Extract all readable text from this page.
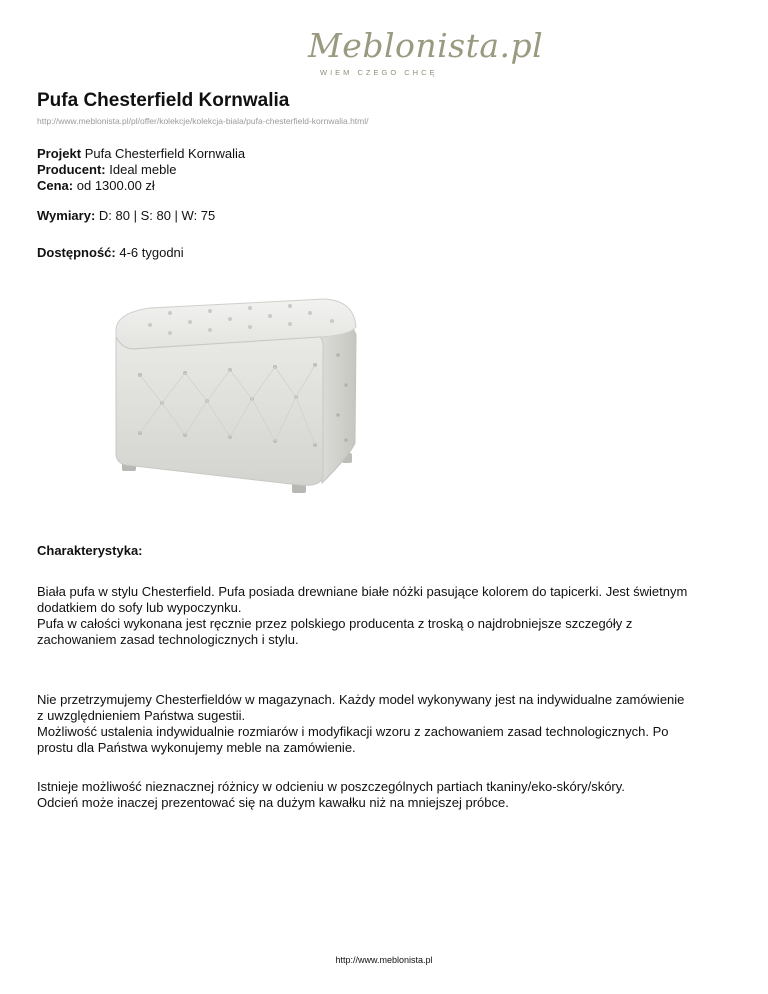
Meblonista.pl
WIEM CZEGO CHCĘ
Pufa Chesterfield Kornwalia
http://www.meblonista.pl/pl/offer/kolekcje/kolekcja-biala/pufa-chesterfield-kornwalia.html/
Projekt Pufa Chesterfield Kornwalia
Producent: Ideal meble
Cena: od 1300.00 zł
Wymiary: D: 80 | S: 80 | W: 75
Dostępność: 4-6 tygodni
Charakterystyka:

Biała pufa w stylu Chesterfield. Pufa posiada drewniane białe nóżki pasujące kolorem do tapicerki. Jest świetnym
dodatkiem do sofy lub wypoczynku.
Pufa w całości wykonana jest ręcznie przez polskiego producenta z troską o najdrobniejsze szczegóły z
zachowaniem zasad technologicznych i stylu.

Nie przetrzymujemy Chesterfieldów w magazynach. Każdy model wykonywany jest na indywidualne zamówienie
z uwzględnieniem Państwa sugestii.
Możliwość ustalenia indywidualnie rozmiarów i modyfikacji wzoru z zachowaniem zasad technologicznych. Po
prostu dla Państwa wykonujemy meble na zamówienie.

Istnieje możliwość nieznacznej różnicy w odcieniu w poszczególnych partiach tkaniny/eko-skóry/skóry.
Odcień może inaczej prezentować się na dużym kawałku niż na mniejszej próbce.

http://www.meblonista.pl
